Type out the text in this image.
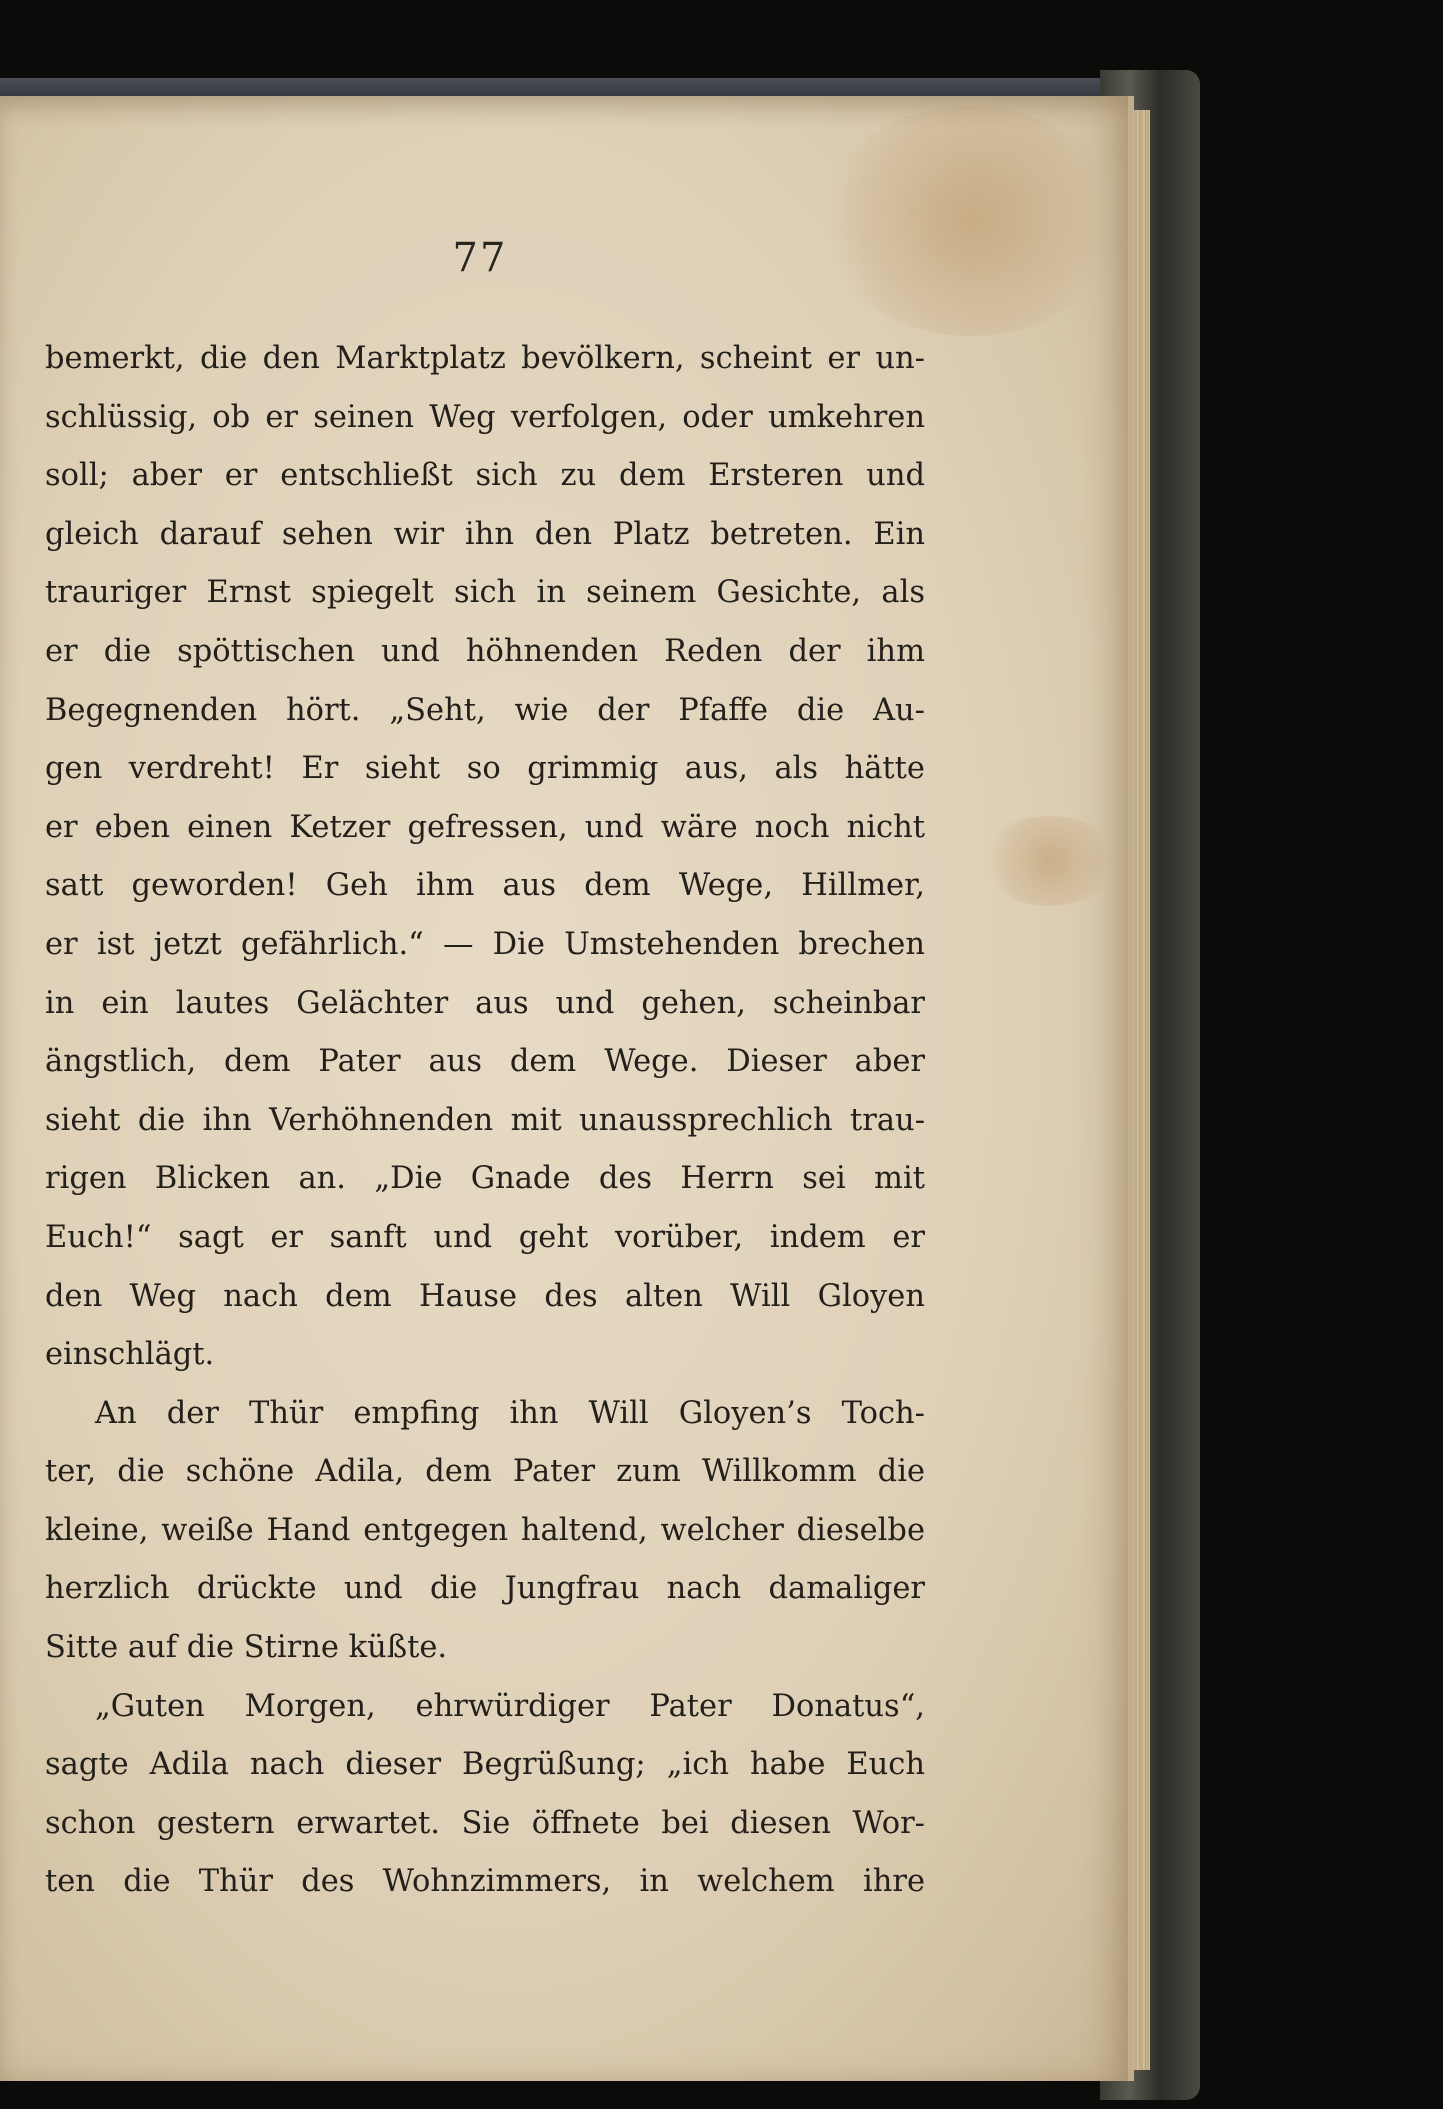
77
bemerkt, die den Marktplatz bevölkern, scheint er un-
schlüssig, ob er seinen Weg verfolgen, oder umkehren
soll; aber er entschließt sich zu dem Ersteren und
gleich darauf sehen wir ihn den Platz betreten. Ein
trauriger Ernst spiegelt sich in seinem Gesichte, als
er die spöttischen und höhnenden Reden der ihm
Begegnenden hört. „Seht, wie der Pfaffe die Au-
gen verdreht! Er sieht so grimmig aus, als hätte
er eben einen Ketzer gefressen, und wäre noch nicht
satt geworden! Geh ihm aus dem Wege, Hillmer,
er ist jetzt gefährlich.“ — Die Umstehenden brechen
in ein lautes Gelächter aus und gehen, scheinbar
ängstlich, dem Pater aus dem Wege. Dieser aber
sieht die ihn Verhöhnenden mit unaussprechlich trau-
rigen Blicken an. „Die Gnade des Herrn sei mit
Euch!“ sagt er sanft und geht vorüber, indem er
den Weg nach dem Hause des alten Will Gloyen
einschlägt.
An der Thür empfing ihn Will Gloyen’s Toch-
ter, die schöne Adila, dem Pater zum Willkomm die
kleine, weiße Hand entgegen haltend, welcher dieselbe
herzlich drückte und die Jungfrau nach damaliger
Sitte auf die Stirne küßte.
„Guten Morgen, ehrwürdiger Pater Donatus“,
sagte Adila nach dieser Begrüßung; „ich habe Euch
schon gestern erwartet. Sie öffnete bei diesen Wor-
ten die Thür des Wohnzimmers, in welchem ihre
